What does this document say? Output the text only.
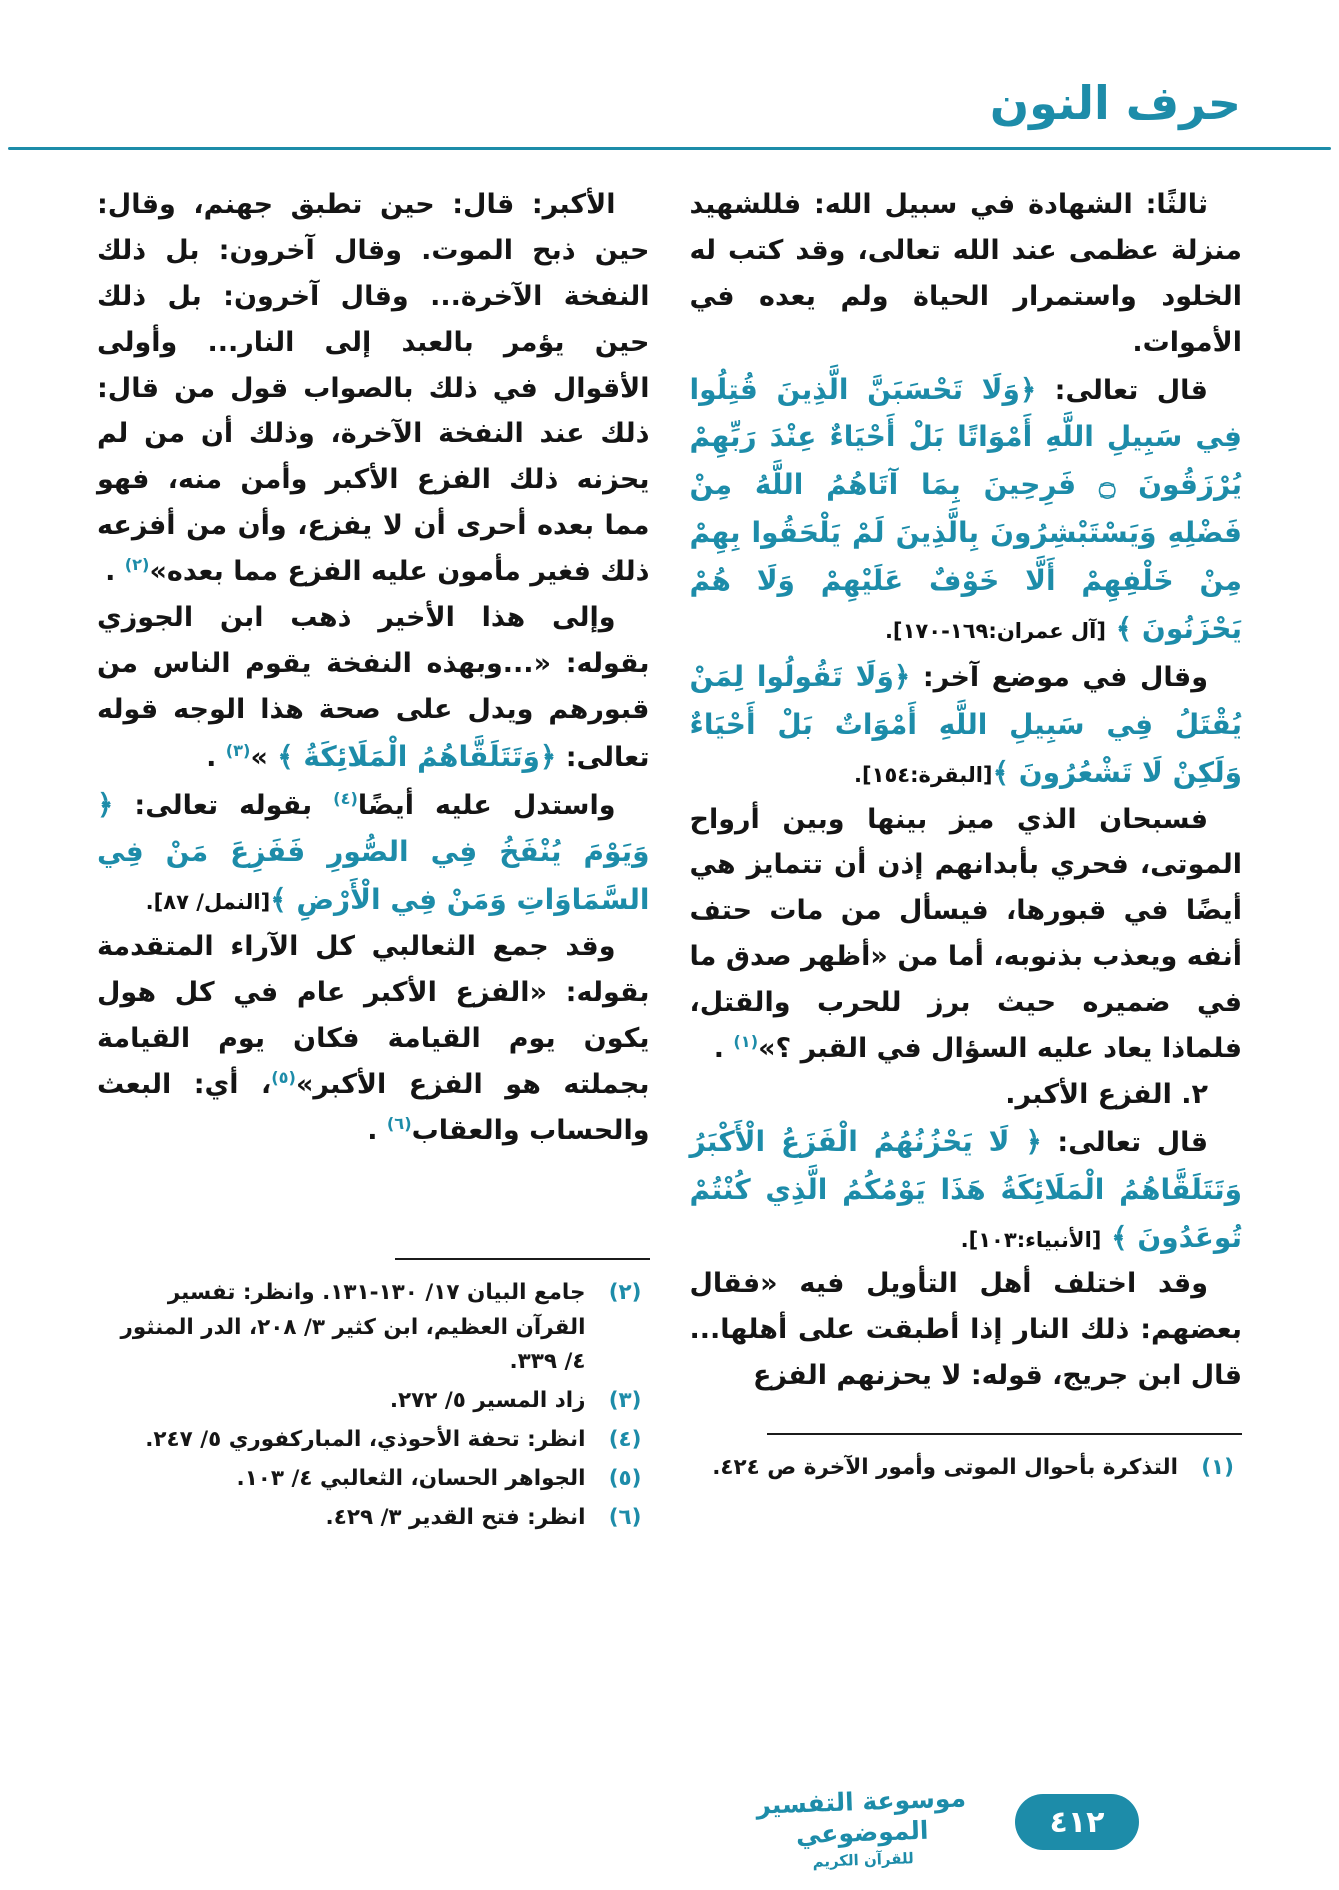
حرف النون

ثالثًا: الشهادة في سبيل الله: فللشهيد منزلة عظمى عند الله تعالى، وقد كتب له الخلود واستمرار الحياة ولم يعده في الأموات.

قال تعالى: ﴿وَلَا تَحْسَبَنَّ الَّذِينَ قُتِلُوا فِي سَبِيلِ اللَّهِ أَمْوَاتًا بَلْ أَحْيَاءٌ عِنْدَ رَبِّهِمْ يُرْزَقُونَ ۝ فَرِحِينَ بِمَا آتَاهُمُ اللَّهُ مِنْ فَضْلِهِ وَيَسْتَبْشِرُونَ بِالَّذِينَ لَمْ يَلْحَقُوا بِهِمْ مِنْ خَلْفِهِمْ أَلَّا خَوْفٌ عَلَيْهِمْ وَلَا هُمْ يَحْزَنُونَ ﴾ [آل عمران:١٦٩-١٧٠].

وقال في موضع آخر: ﴿وَلَا تَقُولُوا لِمَنْ يُقْتَلُ فِي سَبِيلِ اللَّهِ أَمْوَاتٌ بَلْ أَحْيَاءٌ وَلَكِنْ لَا تَشْعُرُونَ ﴾[البقرة:١٥٤].

فسبحان الذي ميز بينها وبين أرواح الموتى، فحري بأبدانهم إذن أن تتمايز هي أيضًا في قبورها، فيسأل من مات حتف أنفه ويعذب بذنوبه، أما من «أظهر صدق ما في ضميره حيث برز للحرب والقتل، فلماذا يعاد عليه السؤال في القبر ؟»$^{(١)}$ .

٢. الفزع الأكبر.

قال تعالى: ﴿ لَا يَحْزُنُهُمُ الْفَزَعُ الْأَكْبَرُ وَتَتَلَقَّاهُمُ الْمَلَائِكَةُ هَذَا يَوْمُكُمُ الَّذِي كُنْتُمْ تُوعَدُونَ ﴾ [الأنبياء:١٠٣].

وقد اختلف أهل التأويل فيه «فقال بعضهم: ذلك النار إذا أطبقت على أهلها... قال ابن جريج، قوله: لا يحزنهم الفزع

(١)
التذكرة بأحوال الموتى وأمور الآخرة ص ٤٢٤.

الأكبر: قال: حين تطبق جهنم، وقال: حين ذبح الموت. وقال آخرون: بل ذلك النفخة الآخرة... وقال آخرون: بل ذلك حين يؤمر بالعبد إلى النار... وأولى الأقوال في ذلك بالصواب قول من قال: ذلك عند النفخة الآخرة، وذلك أن من لم يحزنه ذلك الفزع الأكبر وأمن منه، فهو مما بعده أحرى أن لا يفزع، وأن من أفزعه ذلك فغير مأمون عليه الفزع مما بعده»$^{(٢)}$ .

وإلى هذا الأخير ذهب ابن الجوزي بقوله: «...وبهذه النفخة يقوم الناس من قبورهم ويدل على صحة هذا الوجه قوله تعالى: ﴿وَتَتَلَقَّاهُمُ الْمَلَائِكَةُ ﴾ »$^{(٣)}$ .

واستدل عليه أيضًا$^{(٤)}$ بقوله تعالى: ﴿ وَيَوْمَ يُنْفَخُ فِي الصُّورِ فَفَزِعَ مَنْ فِي السَّمَاوَاتِ وَمَنْ فِي الْأَرْضِ ﴾[النمل/ ٨٧].

وقد جمع الثعالبي كل الآراء المتقدمة بقوله: «الفزع الأكبر عام في كل هول يكون يوم القيامة فكان يوم القيامة بجملته هو الفزع الأكبر»$^{(٥)}$، أي: البعث والحساب والعقاب$^{(٦)}$ .

(٢)
جامع البيان ١٧/ ١٣٠-١٣١. وانظر: تفسير القرآن العظيم، ابن كثير ٣/ ٢٠٨، الدر المنثور ٤/ ٣٣٩.
(٣)
زاد المسير ٥/ ٢٧٢.
(٤)
انظر: تحفة الأحوذي، المباركفوري ٥/ ٢٤٧.
(٥)
الجواهر الحسان، الثعالبي ٤/ ١٠٣.
(٦)
انظر: فتح القدير ٣/ ٤٢٩.
موسوعة التفسير الموضوعي
للقرآن الكريم
٤١٢
